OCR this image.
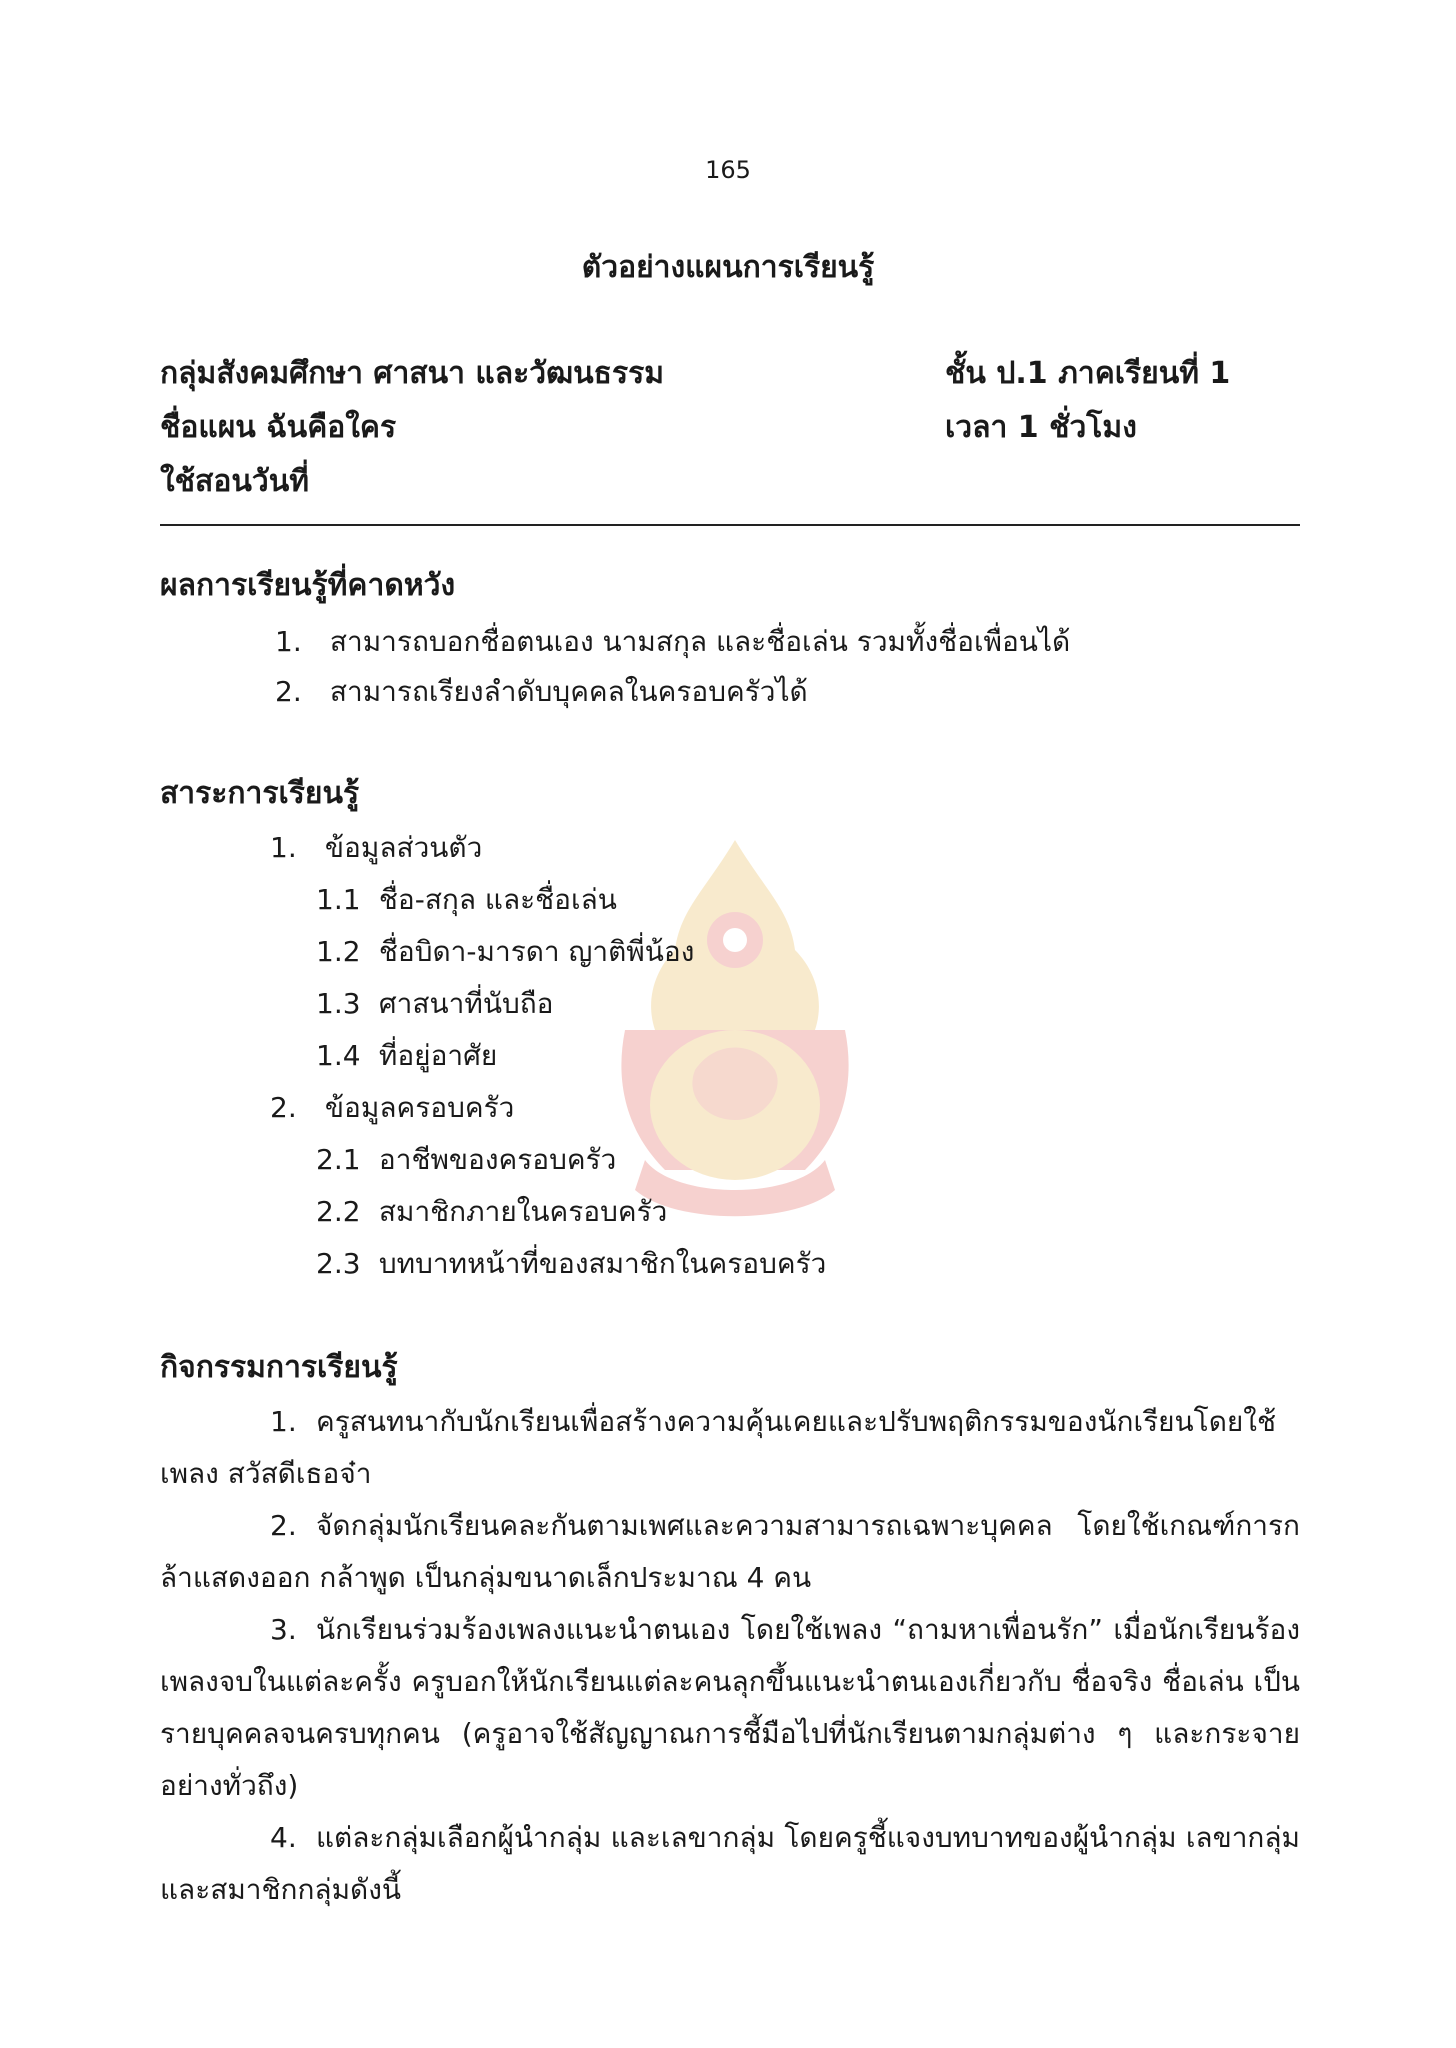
165
ตัวอย่างแผนการเรียนรู้
กลุ่มสังคมศึกษา ศาสนา และวัฒนธรรม	ชั้น ป.1 ภาคเรียนที่ 1
ชื่อแผน ฉันคือใคร	เวลา 1 ชั่วโมง
ใช้สอนวันที่
ผลการเรียนรู้ที่คาดหวัง
1. สามารถบอกชื่อตนเอง นามสกุล และชื่อเล่น รวมทั้งชื่อเพื่อนได้
2. สามารถเรียงลำดับบุคคลในครอบครัวได้
สาระการเรียนรู้
1. ข้อมูลส่วนตัว
1.1 ชื่อ-สกุล และชื่อเล่น
1.2 ชื่อบิดา-มารดา ญาติพี่น้อง
1.3 ศาสนาที่นับถือ
1.4 ที่อยู่อาศัย
2. ข้อมูลครอบครัว
2.1 อาชีพของครอบครัว
2.2 สมาชิกภายในครอบครัว
2.3 บทบาทหน้าที่ของสมาชิกในครอบครัว
กิจกรรมการเรียนรู้
1. ครูสนทนากับนักเรียนเพื่อสร้างความคุ้นเคยและปรับพฤติกรรมของนักเรียนโดยใช้เพลง สวัสดีเธอจ๋า
2. จัดกลุ่มนักเรียนคละกันตามเพศและความสามารถเฉพาะบุคคล โดยใช้เกณฑ์การกล้าแสดงออก กล้าพูด เป็นกลุ่มขนาดเล็กประมาณ 4 คน
3. นักเรียนร่วมร้องเพลงแนะนำตนเอง โดยใช้เพลง “ถามหาเพื่อนรัก” เมื่อนักเรียนร้องเพลงจบในแต่ละครั้ง ครูบอกให้นักเรียนแต่ละคนลุกขึ้นแนะนำตนเองเกี่ยวกับ ชื่อจริง ชื่อเล่น เป็นรายบุคคลจนครบทุกคน (ครูอาจใช้สัญญาณการชี้มือไปที่นักเรียนตามกลุ่มต่าง ๆ และกระจายอย่างทั่วถึง)
4. แต่ละกลุ่มเลือกผู้นำกลุ่ม และเลขากลุ่ม โดยครูชี้แจงบทบาทของผู้นำกลุ่ม เลขากลุ่ม และสมาชิกกลุ่มดังนี้
